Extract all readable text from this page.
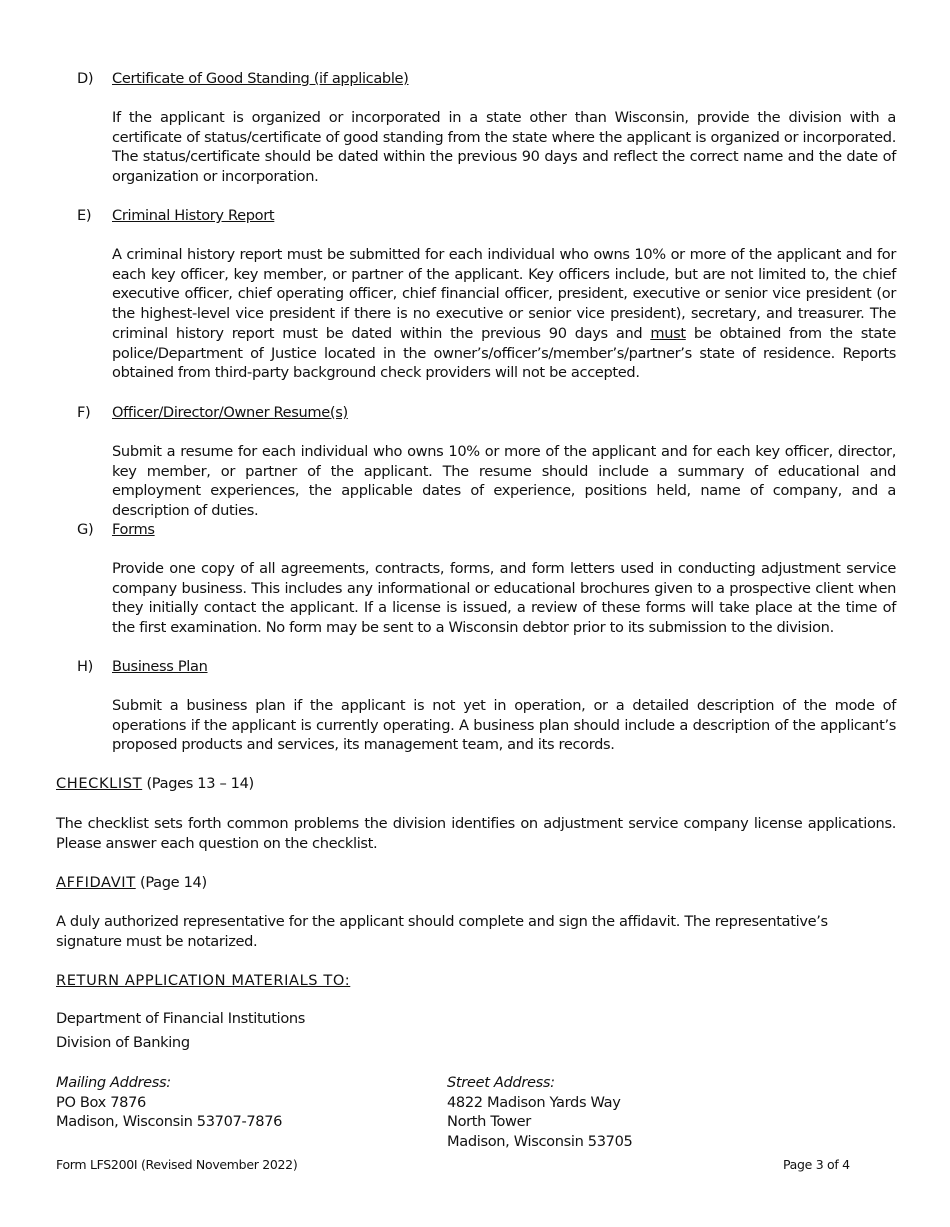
D)	Certificate of Good Standing (if applicable)
If the applicant is organized or incorporated in a state other than Wisconsin, provide the division with a certificate of status/certificate of good standing from the state where the applicant is organized or incorporated. The status/certificate should be dated within the previous 90 days and reflect the correct name and the date of organization or incorporation.
E)	Criminal History Report
A criminal history report must be submitted for each individual who owns 10% or more of the applicant and for each key officer, key member, or partner of the applicant. Key officers include, but are not limited to, the chief executive officer, chief operating officer, chief financial officer, president, executive or senior vice president (or the highest-level vice president if there is no executive or senior vice president), secretary, and treasurer. The criminal history report must be dated within the previous 90 days and must be obtained from the state police/Department of Justice located in the owner’s/officer’s/member’s/partner’s state of residence. Reports obtained from third-party background check providers will not be accepted.
F)	Officer/Director/Owner Resume(s)
Submit a resume for each individual who owns 10% or more of the applicant and for each key officer, director, key member, or partner of the applicant. The resume should include a summary of educational and employment experiences, the applicable dates of experience, positions held, name of company, and a description of duties.
G)	Forms
Provide one copy of all agreements, contracts, forms, and form letters used in conducting adjustment service company business. This includes any informational or educational brochures given to a prospective client when they initially contact the applicant. If a license is issued, a review of these forms will take place at the time of the first examination. No form may be sent to a Wisconsin debtor prior to its submission to the division.
H)	Business Plan
Submit a business plan if the applicant is not yet in operation, or a detailed description of the mode of operations if the applicant is currently operating. A business plan should include a description of the applicant’s proposed products and services, its management team, and its records.
CHECKLIST (Pages 13 – 14)
The checklist sets forth common problems the division identifies on adjustment service company license applications. Please answer each question on the checklist.
AFFIDAVIT (Page 14)
A duly authorized representative for the applicant should complete and sign the affidavit. The representative’s signature must be notarized.
RETURN APPLICATION MATERIALS TO:
Department of Financial Institutions
Division of Banking
Mailing Address:
PO Box 7876
Madison, Wisconsin 53707-7876
Street Address:
4822 Madison Yards Way
North Tower
Madison, Wisconsin 53705
Form LFS200I (Revised November 2022)	Page 3 of 4
